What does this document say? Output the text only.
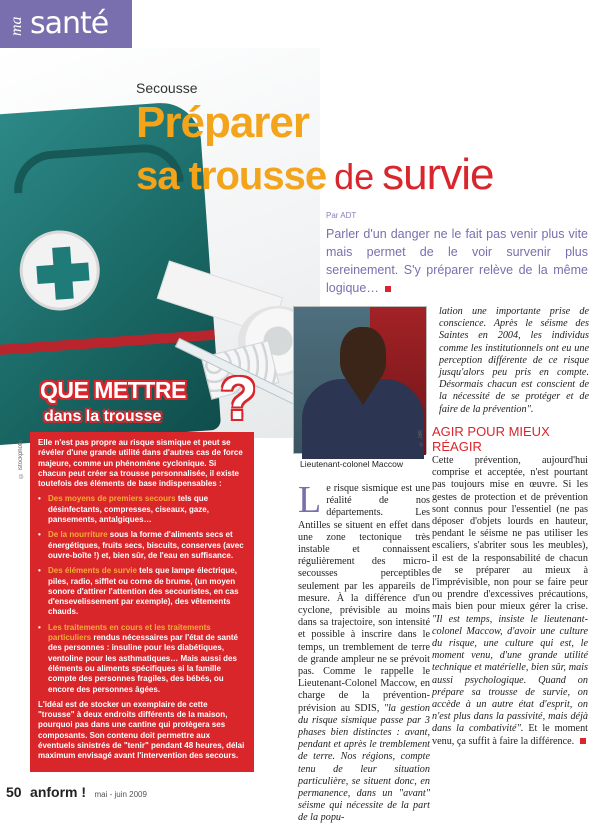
ma santé
© istockphoto
Secousse
Préparer
sa trousse de survie
Par ADT
Parler d'un danger ne le fait pas venir plus vite mais permet de le voir survenir plus sereinement. S'y préparer relève de la même logique…
© JdR
Lieutenant-colonel Maccow
QUE METTRE
dans la trousse ?

Elle n'est pas propre au risque sismique et peut se révéler d'une grande utilité dans d'autres cas de force majeure, comme un phénomène cyclonique. Si chacun peut créer sa trousse personnalisée, il existe toutefois des éléments de base indispensables :

• Des moyens de premiers secours tels que désinfectants, compresses, ciseaux, gaze, pansements, antalgiques…
• De la nourriture sous la forme d'aliments secs et énergétiques, fruits secs, biscuits, conserves (avec ouvre-boîte !) et, bien sûr, de l'eau en suffisance.
• Des éléments de survie tels que lampe électrique, piles, radio, sifflet ou corne de brume, (un moyen sonore d'attirer l'attention des secouristes, en cas d'ensevelissement par exemple), des vêtements chauds.
• Les traitements en cours et les traitements particuliers rendus nécessaires par l'état de santé des personnes : insuline pour les diabétiques, ventoline pour les asthmatiques… Mais aussi des éléments ou aliments spécifiques si la famille compte des personnes fragiles, des bébés, ou encore des personnes âgées.

L'idéal est de stocker un exemplaire de cette "trousse" à deux endroits différents de la maison, pourquoi pas dans une cantine qui protègera ses composants. Son contenu doit permettre aux éventuels sinistrés de "tenir" pendant 48 heures, délai maximum envisagé avant l'intervention des secours.

Le risque sismique est une réalité de nos départements. Les Antilles se situent en effet dans une zone tectonique très instable et connaissent régulièrement des micro-secousses perceptibles seulement par les appareils de mesure. À la différence d'un cyclone, prévisible au moins dans sa trajectoire, son intensité et possible à inscrire dans le temps, un tremblement de terre de grande ampleur ne se prévoit pas. Comme le rappelle le Lieutenant-Colonel Maccow, en charge de la prévention-prévision au SDIS, "la gestion du risque sismique passe par 3 phases bien distinctes : avant, pendant et après le tremblement de terre. Nos régions, compte tenu de leur situation particulière, se situent donc, en permanence, dans un "avant" séisme qui nécessite de la part de la popu-
lation une importante prise de conscience. Après le séisme des Saintes en 2004, les individus comme les institutionnels ont eu une perception différente de ce risque jusqu'alors peu pris en compte. Désormais chacun est conscient de la nécessité de se protéger et de faire de la prévention".
AGIR POUR MIEUX RÉAGIR
Cette prévention, aujourd'hui comprise et acceptée, n'est pourtant pas toujours mise en œuvre. Si les gestes de protection et de prévention sont connus pour l'essentiel (ne pas déposer d'objets lourds en hauteur, pendant le séisme ne pas utiliser les escaliers, s'abriter sous les meubles), il est de la responsabilité de chacun de se préparer au mieux à l'imprévisible, non pour se faire peur ou prendre d'excessives précautions, mais bien pour mieux gérer la crise. "Il est temps, insiste le lieutenant-colonel Maccow, d'avoir une culture du risque, une culture qui est, le moment venu, d'une grande utilité technique et matérielle, bien sûr, mais aussi psychologique. Quand on prépare sa trousse de survie, on accède à un autre état d'esprit, on n'est plus dans la passivité, mais déjà dans la combativité". Et le moment venu, ça suffit à faire la différence.
50 anform ! mai - juin 2009
